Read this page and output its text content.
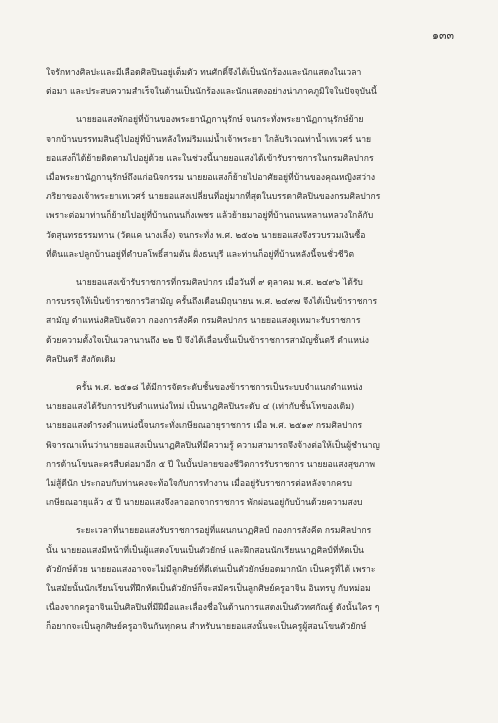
๑๓๓
ใจรักทางศิลปะและมีเลือดศิลปินอยู่เต็มตัว ทนศักดิ์จึงได้เป็นนักร้องและนักแสดงในเวลา
ต่อมา และประสบความสำเร็จในด้านเป็นนักร้องและนักแสดงอย่างน่าภาคภูมิใจในปัจจุบันนี้
นายยอแสงพักอยู่ที่บ้านของพระยานัฏกานุรักษ์ จนกระทั่งพระยานัฏกานุรักษ์ย้าย
จากบ้านบรรทมสินธุ์ไปอยู่ที่บ้านหลังใหม่ริมแม่น้ำเจ้าพระยา ใกล้บริเวณท่าน้ำเทเวศร์ นาย
ยอแสงก็ได้ย้ายติดตามไปอยู่ด้วย และในช่วงนี้นายยอแสงได้เข้ารับราชการในกรมศิลปากร
เมื่อพระยานัฏกานุรักษ์ถึงแก่อนิจกรรม นายยอแสงก็ย้ายไปอาศัยอยู่ที่บ้านของคุณหญิงสว่าง
ภริยาของเจ้าพระยาเทเวศร์ นายยอแสงเปลี่ยนที่อยู่มากที่สุดในบรรดาศิลปินของกรมศิลปากร
เพราะต่อมาท่านก็ย้ายไปอยู่ที่บ้านถนนกิ่งเพชร แล้วย้ายมาอยู่ที่บ้านถนนหลานหลวงใกล้กับ
วัดสุนทรธรรมทาน (วัดแค นางเลิ้ง) จนกระทั่ง พ.ศ. ๒๕๐๒ นายยอแสงจึงรวบรวมเงินซื้อ
ที่ดินและปลูกบ้านอยู่ที่ตำบลโพธิ์สามต้น ฝั่งธนบุรี และท่านก็อยู่ที่บ้านหลังนี้จนชั่วชีวิต
นายยอแสงเข้ารับราชการที่กรมศิลปากร เมื่อวันที่ ๙ ตุลาคม พ.ศ. ๒๔๙๖ ได้รับ
การบรรจุให้เป็นข้าราชการวิสามัญ ครั้นถึงเดือนมิถุนายน พ.ศ. ๒๔๙๗ จึงได้เป็นข้าราชการ
สามัญ ตำแหน่งศิลปินจัตวา กองการสังคีต กรมศิลปากร นายยอแสงดูเหมาะรับราชการ
ด้วยความตั้งใจเป็นเวลานานถึง ๒๒ ปี จึงได้เลื่อนขั้นเป็นข้าราชการสามัญชั้นตรี ตำแหน่ง
ศิลปินตรี สังกัดเดิม
ครั้น พ.ศ. ๒๕๑๘ ได้มีการจัดระดับชั้นของข้าราชการเป็นระบบจำแนกตำแหน่ง
นายยอแสงได้รับการปรับตำแหน่งใหม่ เป็นนาฏศิลปินระดับ ๔ (เท่ากับชั้นโทของเดิม)
นายยอแสงดำรงตำแหน่งนี้จนกระทั่งเกษียณอายุราชการ เมื่อ พ.ศ. ๒๕๑๙ กรมศิลปากร
พิจารณาเห็นว่านายยอแสงเป็นนาฏศิลปินที่มีความรู้ ความสามารถจึงจ้างต่อให้เป็นผู้ชำนาญ
การด้านโขนละครสืบต่อมาอีก ๕ ปี ในบั้นปลายของชีวิตการรับราชการ นายยอแสงสุขภาพ
ไม่สู้ดีนัก ประกอบกับท่านคงจะท้อใจกับการทำงาน เมื่ออยู่รับราชการต่อหลังจากครบ
เกษียณอายุแล้ว ๕ ปี นายยอแสงจึงลาออกจากราชการ พักผ่อนอยู่กับบ้านด้วยความสงบ
ระยะเวลาที่นายยอแสงรับราชการอยู่ที่แผนกนาฏศิลป์ กองการสังคีต กรมศิลปากร
นั้น นายยอแสงมีหน้าที่เป็นผู้แสดงโขนเป็นตัวยักษ์ และฝึกสอนนักเรียนนาฏศิลป์ที่หัดเป็น
ตัวยักษ์ด้วย นายยอแสงอาจจะไม่มีลูกศิษย์ที่ดีเด่นเป็นตัวยักษ์ยอดมากนัก เป็นครูที่ได้ เพราะ
ในสมัยนั้นนักเรียนโขนที่ฝึกหัดเป็นตัวยักษ์ก็จะสมัครเป็นลูกศิษย์ครูอาจิน อินทรบู กับหม่อม
เนื่องจากครูอาจินเป็นศิลปินที่มีฝีมือและเลื่องชื่อในด้านการแสดงเป็นตัวทศกัณฐ์ ดังนั้นใคร ๆ
ก็อยากจะเป็นลูกศิษย์ครูอาจินกันทุกคน สำหรับนายยอแสงนั้นจะเป็นครูผู้สอนโขนตัวยักษ์
